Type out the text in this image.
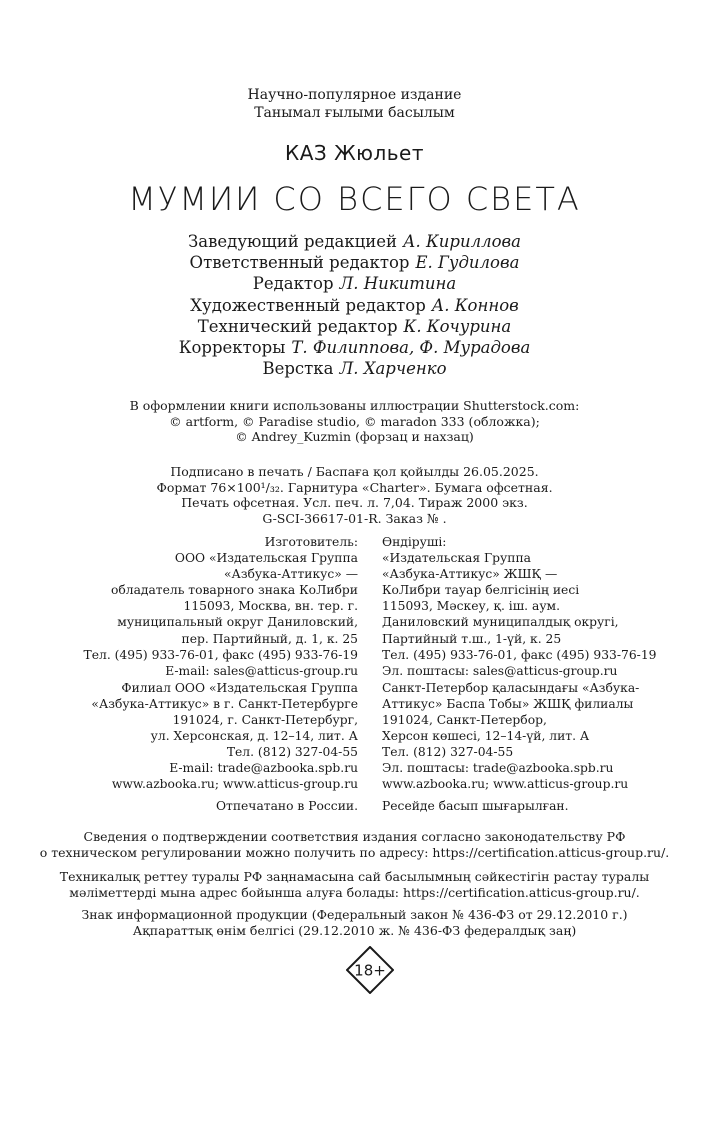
Научно-популярное издание
Танымал ғылыми басылым
КАЗ Жюльет
МУМИИ СО ВСЕГО СВЕТА
Заведующий редакцией А. Кириллова
Ответственный редактор Е. Гудилова
Редактор Л. Никитина
Художественный редактор А. Коннов
Технический редактор К. Кочурина
Корректоры Т. Филиппова, Ф. Мурадова
Верстка Л. Харченко
В оформлении книги использованы иллюстрации Shutterstock.com:
© artform, © Paradise studio, © maradon 333 (обложка);
© Andrey_Kuzmin (форзац и нахзац)
Подписано в печать / Баспаға қол қойылды 26.05.2025.
Формат 76×100¹/₃₂. Гарнитура «Charter». Бумага офсетная.
Печать офсетная. Усл. печ. л. 7,04. Тираж 2000 экз.
G-SCI-36617-01-R. Заказ № .
Изготовитель:
ООО «Издательская Группа
«Азбука-Аттикус» —
обладатель товарного знака КоЛибри
115093, Москва, вн. тер. г.
муниципальный округ Даниловский,
пер. Партийный, д. 1, к. 25
Тел. (495) 933-76-01, факс (495) 933-76-19
E-mail: sales@atticus-group.ru
Өндіруші:
«Издательская Группа
«Азбука-Аттикус» ЖШҚ —
КоЛибри тауар белгісінің иесі
115093, Мәскеу, қ. іш. аум.
Даниловский муниципалдық округі,
Партийный т.ш., 1-үй, к. 25
Тел. (495) 933-76-01, факс (495) 933-76-19
Эл. поштасы: sales@atticus-group.ru
Филиал ООО «Издательская Группа
«Азбука-Аттикус» в г. Санкт-Петербурге
191024, г. Санкт-Петербург,
ул. Херсонская, д. 12–14, лит. А
Тел. (812) 327-04-55
E-mail: trade@azbooka.spb.ru
Санкт-Петербор қаласындағы «Азбука-
Аттикус» Баспа Тобы» ЖШҚ филиалы
191024, Санкт-Петербор,
Херсон көшесі, 12–14-үй, лит. А
Тел. (812) 327-04-55
Эл. поштасы: trade@azbooka.spb.ru
www.azbooka.ru; www.atticus-group.ru www.azbooka.ru; www.atticus-group.ru
Отпечатано в России. Ресейде басып шығарылған.
Сведения о подтверждении соответствия издания согласно законодательству РФ
о техническом регулировании можно получить по адресу: https://certification.atticus-group.ru/.
Техникалық реттеу туралы РФ заңнамасына сай басылымның сәйкестігін растау туралы
мәліметтерді мына адрес бойынша алуға болады: https://certification.atticus-group.ru/.
Знак информационной продукции (Федеральный закон № 436-ФЗ от 29.12.2010 г.)
Ақпараттық өнім белгісі (29.12.2010 ж. № 436-ФЗ федералдық заң)
18+
